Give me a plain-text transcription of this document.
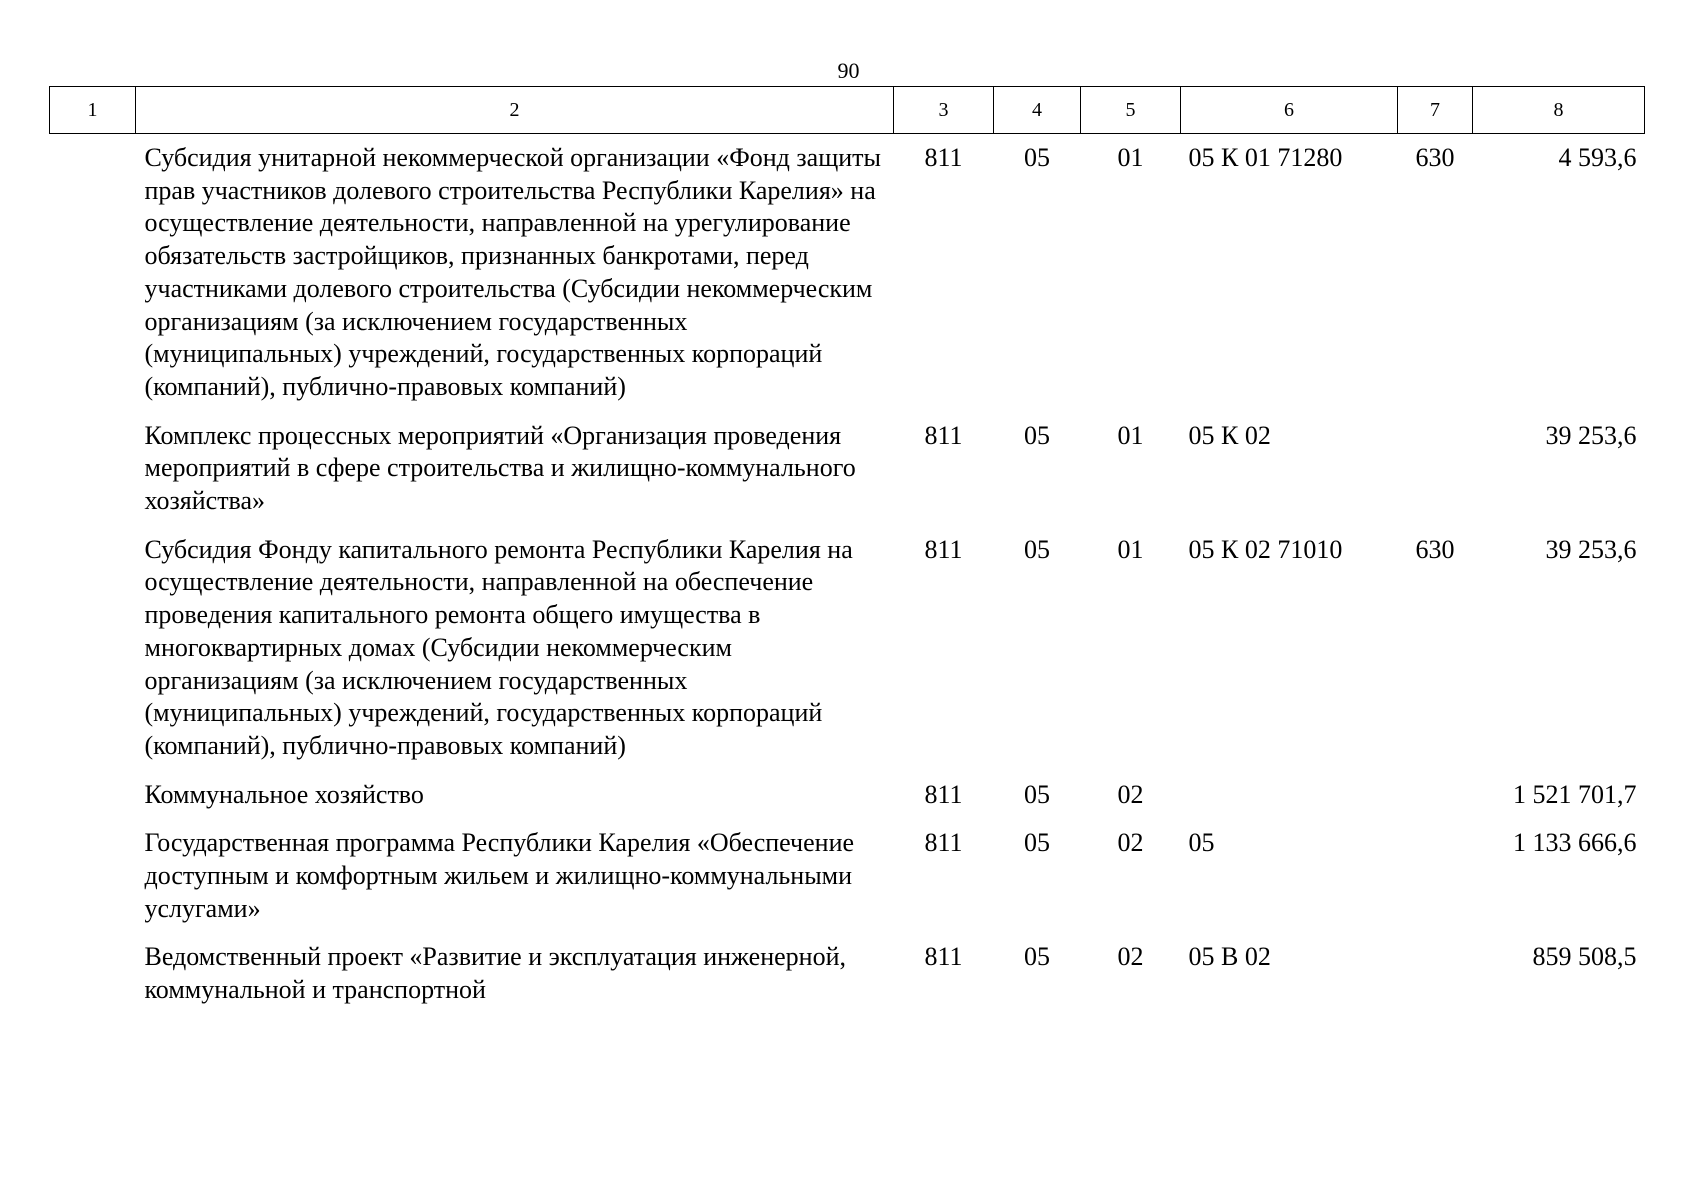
90
1	2	3	4	5	6	7	8
	Субсидия унитарной некоммерческой организации «Фонд защиты прав участников долевого строительства Республики Карелия» на осуществление деятельности, направленной на урегулирование обязательств застройщиков, признанных банкротами, перед участниками долевого строительства (Субсидии некоммерческим организациям (за исключением государственных (муниципальных) учреждений, государственных корпораций (компаний), публично-правовых компаний)	811	05	01	05 К 01 71280	630	4 593,6
	Комплекс процессных мероприятий «Организация проведения мероприятий в сфере строительства и жилищно-коммунального хозяйства»	811	05	01	05 К 02		39 253,6
	Субсидия Фонду капитального ремонта Республики Карелия на осуществление деятельности, направленной на обеспечение проведения капитального ремонта общего имущества в многоквартирных домах (Субсидии некоммерческим организациям (за исключением государственных (муниципальных) учреждений, государственных корпораций (компаний), публично-правовых компаний)	811	05	01	05 К 02 71010	630	39 253,6
	Коммунальное хозяйство	811	05	02			1 521 701,7
	Государственная программа Республики Карелия «Обеспечение доступным и комфортным жильем и жилищно-коммунальными услугами»	811	05	02	05		1 133 666,6
	Ведомственный проект «Развитие и эксплуатация инженерной, коммунальной и транспортной	811	05	02	05 В 02		859 508,5
